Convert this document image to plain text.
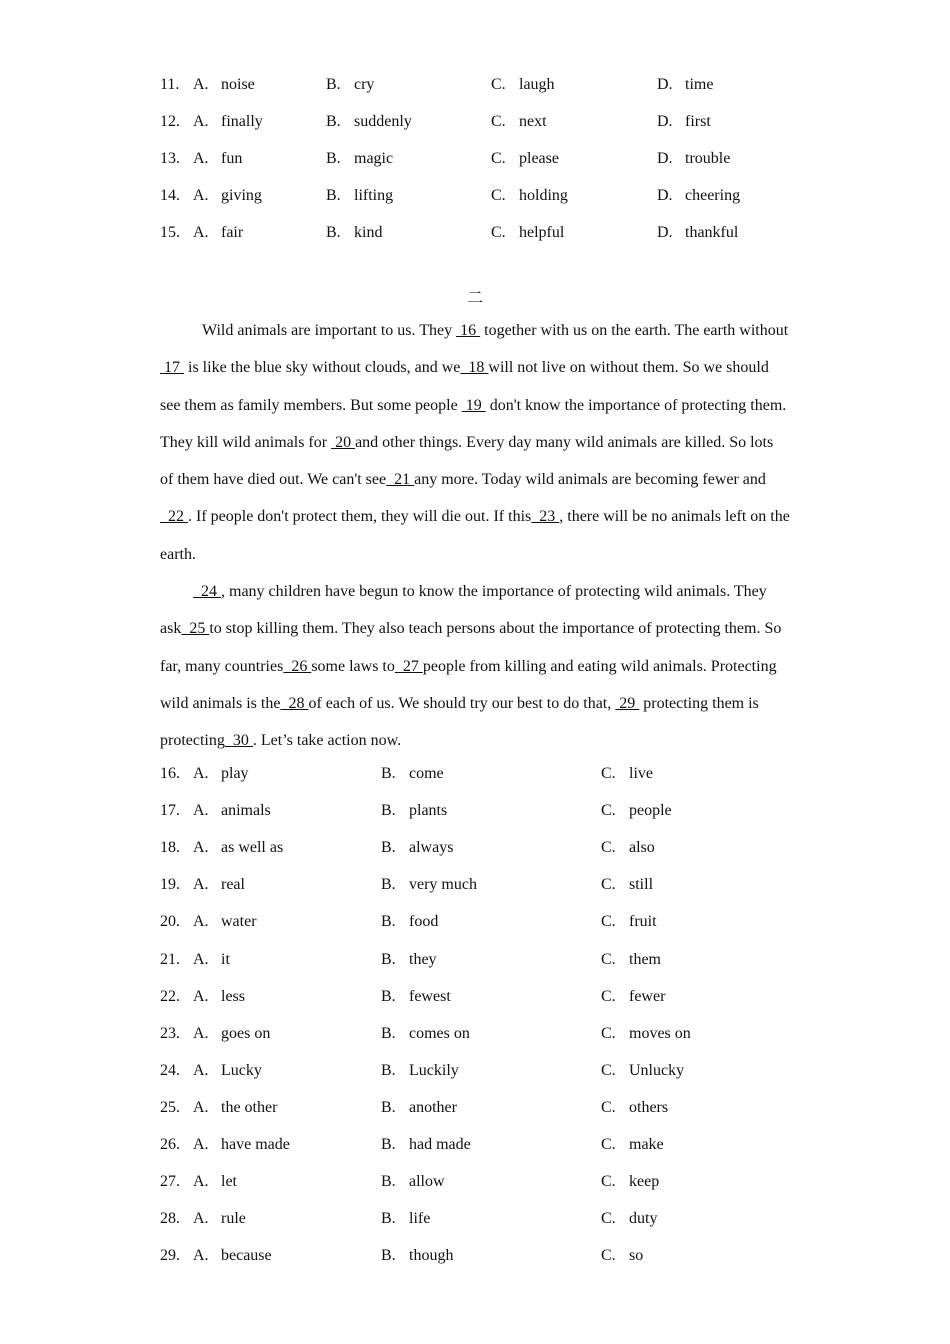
11. A. noise	B. cry	C. laugh	D. time
12. A. finally	B. suddenly	C. next	D. first
13. A. fun	B. magic	C. please	D. trouble
14. A. giving	B. lifting	C. holding	D. cheering
15. A. fair	B. kind	C. helpful	D. thankful
二

Wild animals are important to us. They  16  together with us on the earth. The earth without  17  is like the blue sky without clouds, and we  18 will not live on without them. So we should see them as family members. But some people  19  don't know the importance of protecting them. They kill wild animals for  20 and other things. Every day many wild animals are killed. So lots of them have died out. We can't see  21 any more. Today wild animals are becoming fewer and  22 . If people don't protect them, they will die out. If this  23 , there will be no animals left on the earth.

24 , many children have begun to know the importance of protecting wild animals. They ask  25 to stop killing them. They also teach persons about the importance of protecting them. So far, many countries  26 some laws to  27 people from killing and eating wild animals. Protecting wild animals is the  28 of each of us. We should try our best to do that,  29  protecting them is protecting  30 . Let’s take action now.

16. A. play	B. come	C. live
17. A. animals	B. plants	C. people
18. A. as well as	B. always	C. also
19. A. real	B. very much	C. still
20. A. water	B. food	C. fruit
21. A. it	B. they	C. them
22. A. less	B. fewest	C. fewer
23. A. goes on	B. comes on	C. moves on
24. A. Lucky	B. Luckily	C. Unlucky
25. A. the other	B. another	C. others
26. A. have made	B. had made	C. make
27. A. let	B. allow	C. keep
28. A. rule	B. life	C. duty
29. A. because	B. though	C. so
